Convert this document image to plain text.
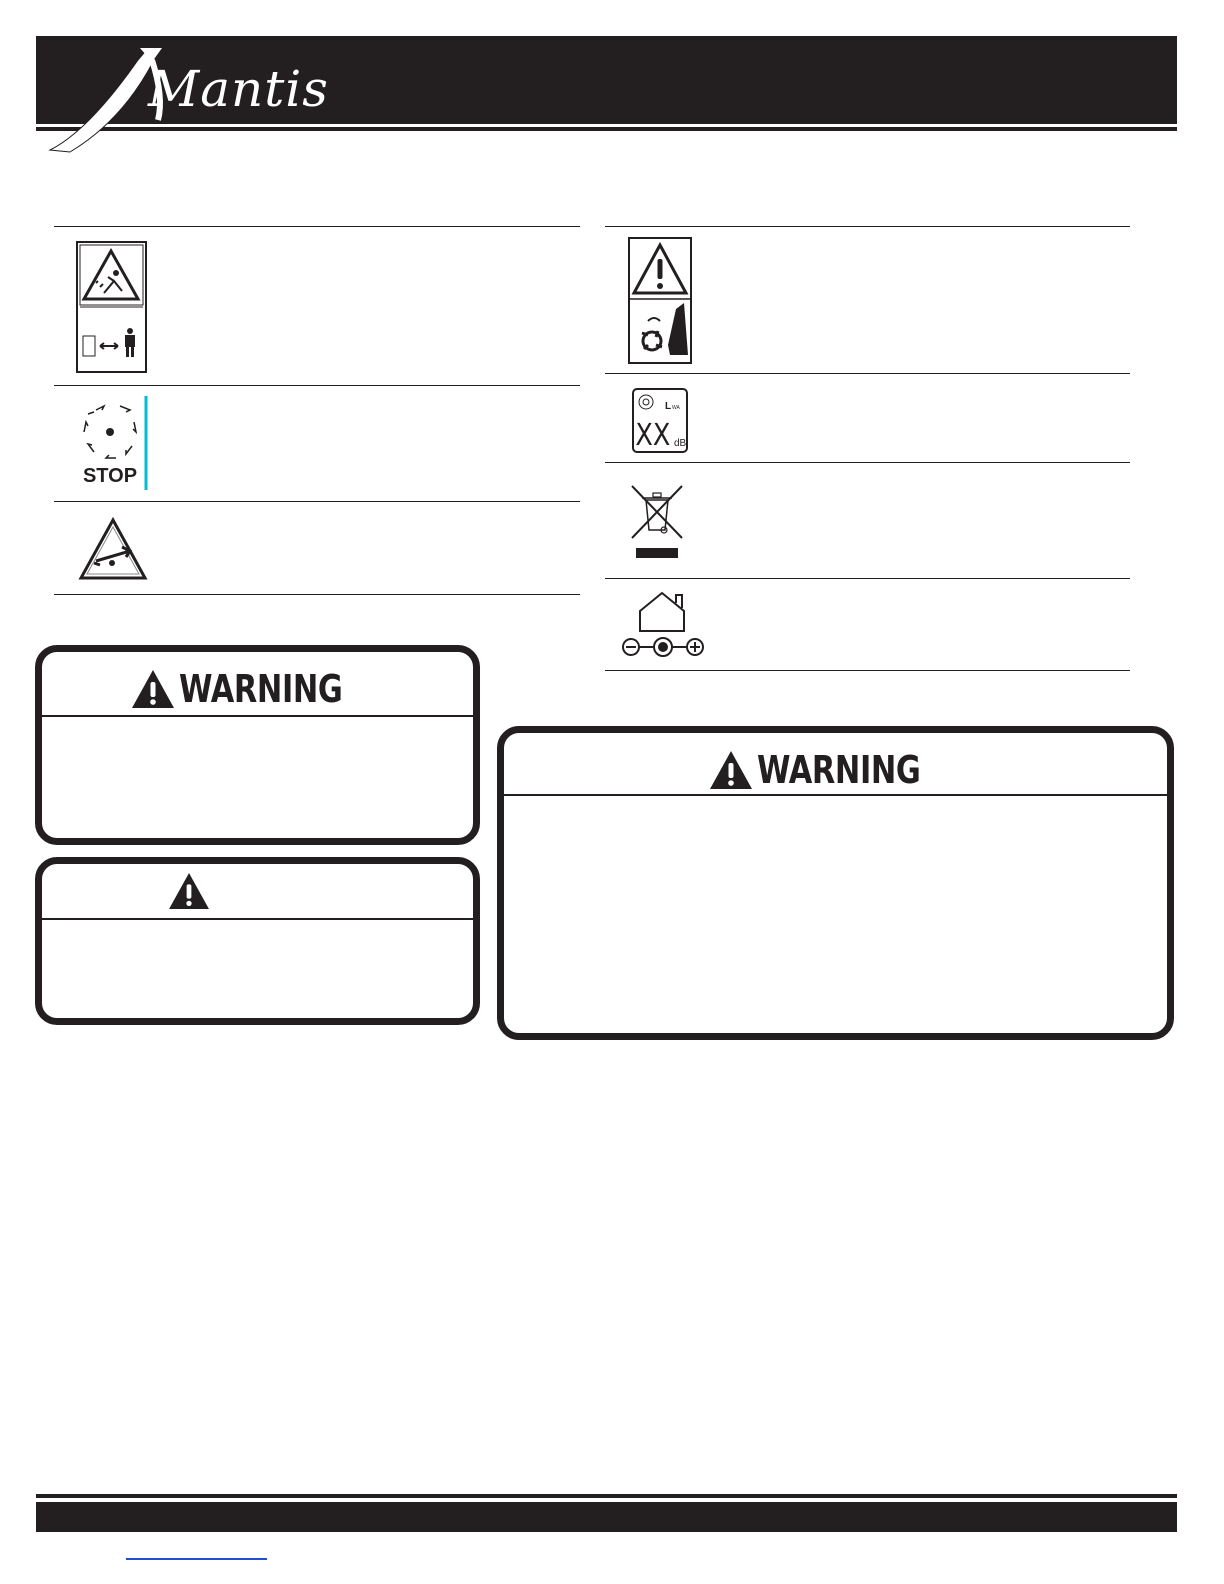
Mantis
STOP
L WA
XX dB
WARNING
WARNING
